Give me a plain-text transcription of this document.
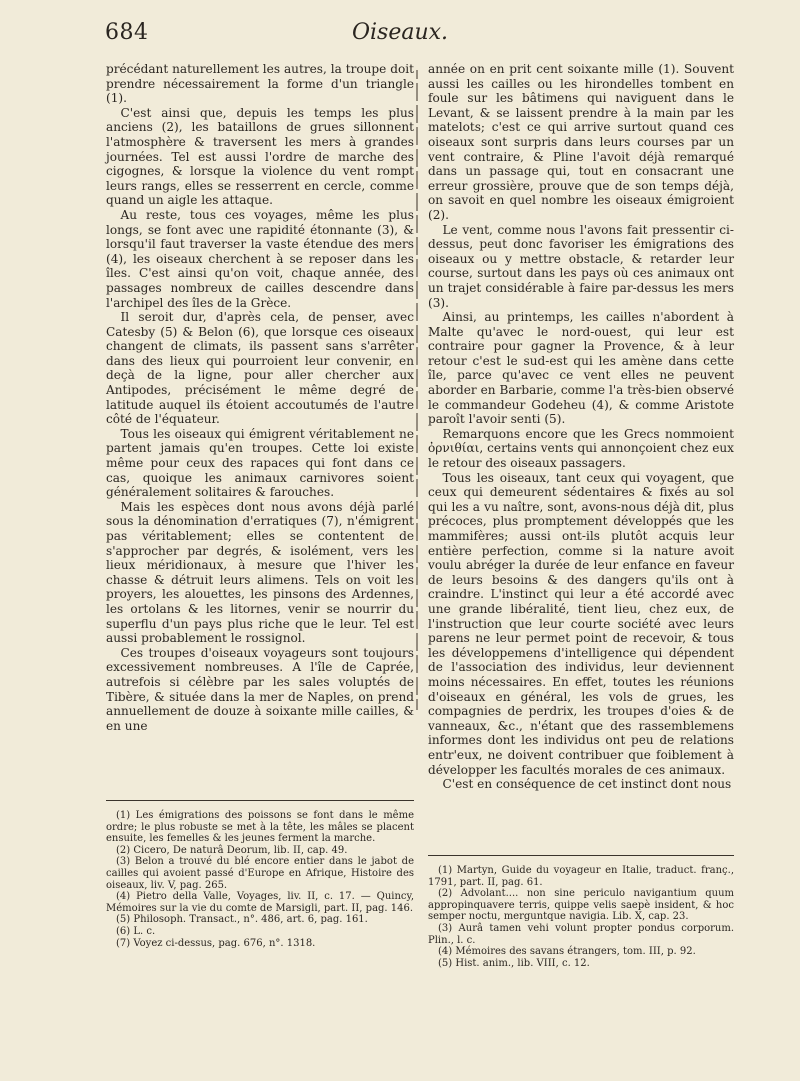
684	Oiseaux.

précédant naturellement les autres, la troupe doit prendre nécessairement la forme d'un triangle (1).

C'est ainsi que, depuis les temps les plus anciens (2), les bataillons de grues sillonnent l'atmosphère & traversent les mers à grandes journées. Tel est aussi l'ordre de marche des cigognes, & lorsque la violence du vent rompt leurs rangs, elles se resserrent en cercle, comme quand un aigle les attaque.

Au reste, tous ces voyages, même les plus longs, se font avec une rapidité étonnante (3), & lorsqu'il faut traverser la vaste étendue des mers (4), les oiseaux cherchent à se reposer dans les îles. C'est ainsi qu'on voit, chaque année, des passages nombreux de cailles descendre dans l'archipel des îles de la Grèce.

Il seroit dur, d'après cela, de penser, avec Catesby (5) & Belon (6), que lorsque ces oiseaux changent de climats, ils passent sans s'arrêter dans des lieux qui pourroient leur convenir, en deçà de la ligne, pour aller chercher aux Antipodes, précisément le même degré de latitude auquel ils étoient accoutumés de l'autre côté de l'équateur.

Tous les oiseaux qui émigrent véritablement ne partent jamais qu'en troupes. Cette loi existe même pour ceux des rapaces qui font dans ce cas, quoique les animaux carnivores soient généralement solitaires & farouches.

Mais les espèces dont nous avons déjà parlé sous la dénomination d'erratiques (7), n'émigrent pas véritablement; elles se contentent de s'approcher par degrés, & isolément, vers les lieux méridionaux, à mesure que l'hiver les chasse & détruit leurs alimens. Tels on voit les proyers, les alouettes, les pinsons des Ardennes, les ortolans & les litornes, venir se nourrir du superflu d'un pays plus riche que le leur. Tel est aussi probablement le rossignol.

Ces troupes d'oiseaux voyageurs sont toujours excessivement nombreuses. A l'île de Caprée, autrefois si célèbre par les sales voluptés de Tibère, & située dans la mer de Naples, on prend annuellement de douze à soixante mille cailles, & en une

année on en prit cent soixante mille (1). Souvent aussi les cailles ou les hirondelles tombent en foule sur les bâtimens qui naviguent dans le Levant, & se laissent prendre à la main par les matelots; c'est ce qui arrive surtout quand ces oiseaux sont surpris dans leurs courses par un vent contraire, & Pline l'avoit déjà remarqué dans un passage qui, tout en consacrant une erreur grossière, prouve que de son temps déjà, on savoit en quel nombre les oiseaux émigroient (2).

Le vent, comme nous l'avons fait pressentir ci-dessus, peut donc favoriser les émigrations des oiseaux ou y mettre obstacle, & retarder leur course, surtout dans les pays où ces animaux ont un trajet considérable à faire par-dessus les mers (3).

Ainsi, au printemps, les cailles n'abordent à Malte qu'avec le nord-ouest, qui leur est contraire pour gagner la Provence, & à leur retour c'est le sud-est qui les amène dans cette île, parce qu'avec ce vent elles ne peuvent aborder en Barbarie, comme l'a très-bien observé le commandeur Godeheu (4), & comme Aristote paroît l'avoir senti (5).

Remarquons encore que les Grecs nommoient ὀρνιθίαι, certains vents qui annonçoient chez eux le retour des oiseaux passagers.

Tous les oiseaux, tant ceux qui voyagent, que ceux qui demeurent sédentaires & fixés au sol qui les a vu naître, sont, avons-nous déjà dit, plus précoces, plus promptement développés que les mammifères; aussi ont-ils plutôt acquis leur entière perfection, comme si la nature avoit voulu abréger la durée de leur enfance en faveur de leurs besoins & des dangers qu'ils ont à craindre. L'instinct qui leur a été accordé avec une grande libéralité, tient lieu, chez eux, de l'instruction que leur courte société avec leurs parens ne leur permet point de recevoir, & tous les développemens d'intelligence qui dépendent de l'association des individus, leur deviennent moins nécessaires. En effet, toutes les réunions d'oiseaux en général, les vols de grues, les compagnies de perdrix, les troupes d'oies & de vanneaux, &c., n'étant que des rassemblemens informes dont les individus ont peu de relations entr'eux, ne doivent contribuer que foiblement à développer les facultés morales de ces animaux.

C'est en conséquence de cet instinct dont nous

(1) Les émigrations des poissons se font dans le même ordre; le plus robuste se met à la tête, les mâles se placent ensuite, les femelles & les jeunes ferment la marche.

(2) Cicero, De naturâ Deorum, lib. II, cap. 49.

(3) Belon a trouvé du blé encore entier dans le jabot de cailles qui avoient passé d'Europe en Afrique, Histoire des oiseaux, liv. V, pag. 265.

(4) Pietro della Valle, Voyages, liv. II, c. 17. — Quincy, Mémoires sur la vie du comte de Marsigli, part. II, pag. 146.

(5) Philosoph. Transact., n°. 486, art. 6, pag. 161.

(6) L. c.

(7) Voyez ci-dessus, pag. 676, n°. 1318.

(1) Martyn, Guide du voyageur en Italie, traduct. franç., 1791, part. II, pag. 61.

(2) Advolant.... non sine periculo navigantium quum appropinquavere terris, quippe velis saepè insident, & hoc semper noctu, merguntque navigia. Lib. X, cap. 23.

(3) Aurâ tamen vehi volunt propter pondus corporum. Plin., l. c.

(4) Mémoires des savans étrangers, tom. III, p. 92.

(5) Hist. anim., lib. VIII, c. 12.
